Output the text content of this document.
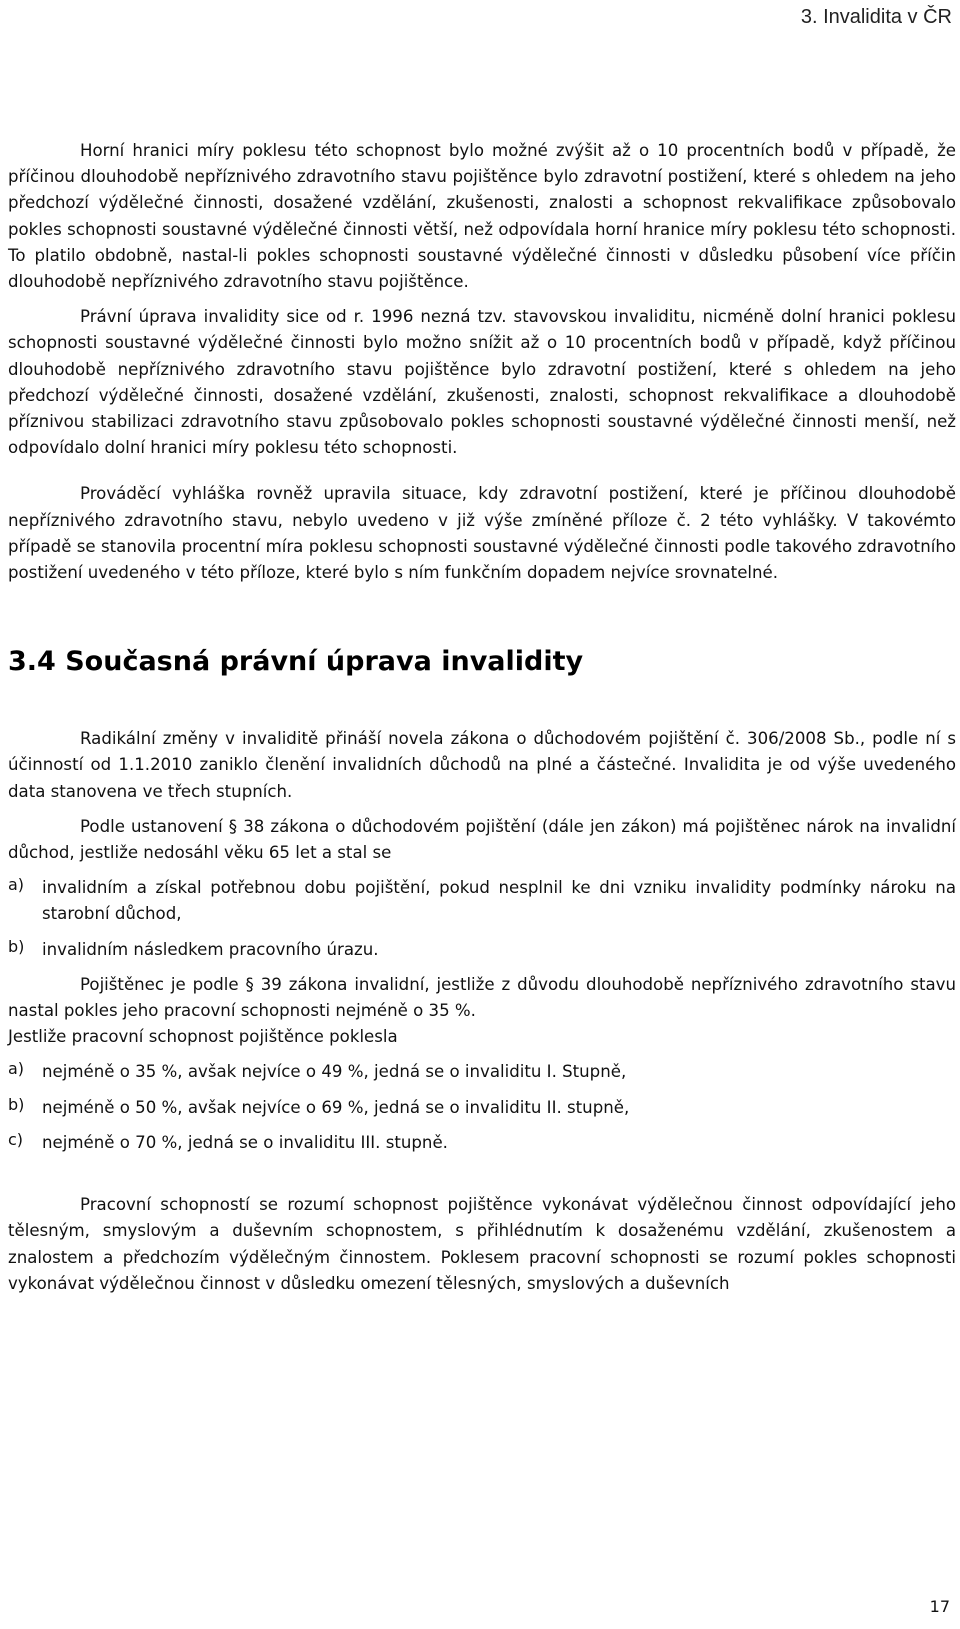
3. Invalidita v ČR

Horní hranici míry poklesu této schopnost bylo možné zvýšit až o 10 procentních bodů v případě, že příčinou dlouhodobě nepříznivého zdravotního stavu pojištěnce bylo zdravotní postižení, které s ohledem na jeho předchozí výdělečné činnosti, dosažené vzdělání, zkušenosti, znalosti a schopnost rekvalifikace způsobovalo pokles schopnosti soustavné výdělečné činnosti větší, než odpovídala horní hranice míry poklesu této schopnosti. To platilo obdobně, nastal-li pokles schopnosti soustavné výdělečné činnosti v důsledku působení více příčin dlouhodobě nepříznivého zdravotního stavu pojištěnce.

Právní úprava invalidity sice od r. 1996 nezná tzv. stavovskou invaliditu, nicméně dolní hranici poklesu schopnosti soustavné výdělečné činnosti bylo možno snížit až o 10 procentních bodů v případě, když příčinou dlouhodobě nepříznivého zdravotního stavu pojištěnce bylo zdravotní postižení, které s ohledem na jeho předchozí výdělečné činnosti, dosažené vzdělání, zkušenosti, znalosti, schopnost rekvalifikace a dlouhodobě příznivou stabilizaci zdravotního stavu způsobovalo pokles schopnosti soustavné výdělečné činnosti menší, než odpovídalo dolní hranici míry poklesu této schopnosti.

Prováděcí vyhláška rovněž upravila situace, kdy zdravotní postižení, které je příčinou dlouhodobě nepříznivého zdravotního stavu, nebylo uvedeno v již výše zmíněné příloze č. 2 této vyhlášky. V takovémto případě se stanovila procentní míra poklesu schopnosti soustavné výdělečné činnosti podle takového zdravotního postižení uvedeného v této příloze, které bylo s ním funkčním dopadem nejvíce srovnatelné.

3.4 Současná právní úprava invalidity

Radikální změny v invaliditě přináší novela zákona o důchodovém pojištění č. 306/2008 Sb., podle ní s účinností od 1.1.2010 zaniklo členění invalidních důchodů na plné a částečné. Invalidita je od výše uvedeného data stanovena ve třech stupních.

Podle ustanovení § 38 zákona o důchodovém pojištění (dále jen zákon) má pojištěnec nárok na invalidní důchod, jestliže nedosáhl věku 65 let a stal se

a)	invalidním a získal potřebnou dobu pojištění, pokud nesplnil ke dni vzniku invalidity podmínky nároku na starobní důchod,

b)	invalidním následkem pracovního úrazu.

Pojištěnec je podle § 39 zákona invalidní, jestliže z důvodu dlouhodobě nepříznivého zdravotního stavu nastal pokles jeho pracovní schopnosti nejméně o 35 %.

Jestliže pracovní schopnost pojištěnce poklesla

a)	nejméně o 35 %, avšak nejvíce o 49 %, jedná se o invaliditu I. Stupně,

b)	nejméně o 50 %, avšak nejvíce o 69 %, jedná se o invaliditu II. stupně,

c)	nejméně o 70 %, jedná se o invaliditu III. stupně.

Pracovní schopností se rozumí schopnost pojištěnce vykonávat výdělečnou činnost odpovídající jeho tělesným, smyslovým a duševním schopnostem, s přihlédnutím k dosaženému vzdělání, zkušenostem a znalostem a předchozím výdělečným činnostem. Poklesem pracovní schopnosti se rozumí pokles schopnosti vykonávat výdělečnou činnost v důsledku omezení tělesných, smyslových a duševních

17
